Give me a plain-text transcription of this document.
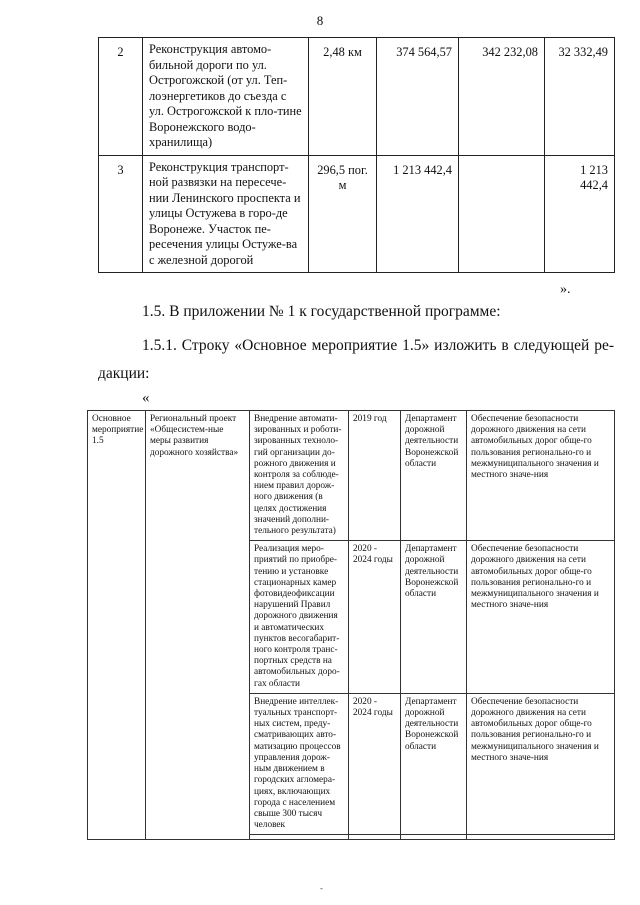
8
2	Реконструкция автомо-бильной дороги по ул. Острогожской (от ул. Теп-лоэнергетиков до съезда с ул. Острогожской к пло-тине Воронежского водо-хранилища)	2,48 км	374 564,57	342 232,08	32 332,49
3	Реконструкция транспорт-ной развязки на пересече-нии Ленинского проспекта и улицы Остужева в горо-де Воронеже. Участок пе-ресечения улицы Остуже-ва с железной дорогой	296,5 пог. м	1 213 442,4		1 213 442,4
».
1.5. В приложении № 1 к государственной программе:
1.5.1. Строку «Основное мероприятие 1.5» изложить в следующей ре-дакции:
«
Основное мероприятие 1.5	Региональный проект «Общесистем-ные меры развития дорожного хозяйства»	Внедрение автомати-зированных и роботи-зированных техноло-гий организации до-рожного движения и контроля за соблюде-нием правил дорож-ного движения (в целях достижения значений дополни-тельного результата)	2019 год	Департамент дорожной деятельности Воронежской области	Обеспечение безопасности дорожного движения на сети автомобильных дорог обще-го пользования регионально-го и межмуниципального значения и местного значе-ния
		Реализация меро-приятий по приобре-тению и установке стационарных камер фотовидеофиксации нарушений Правил дорожного движения и автоматических пунктов весогабарит-ного контроля транс-портных средств на автомобильных доро-гах области	2020 - 2024 годы	Департамент дорожной деятельности Воронежской области	Обеспечение безопасности дорожного движения на сети автомобильных дорог обще-го пользования регионально-го и межмуниципального значения и местного значе-ния
		Внедрение интеллек-туальных транспорт-ных систем, преду-сматривающих авто-матизацию процессов управления дорож-ным движением в городских агломера-циях, включающих города с населением свыше 300 тысяч человек	2020 - 2024 годы	Департамент дорожной деятельности Воронежской области	Обеспечение безопасности дорожного движения на сети автомобильных дорог обще-го пользования регионально-го и межмуниципального значения и местного значе-ния

-
